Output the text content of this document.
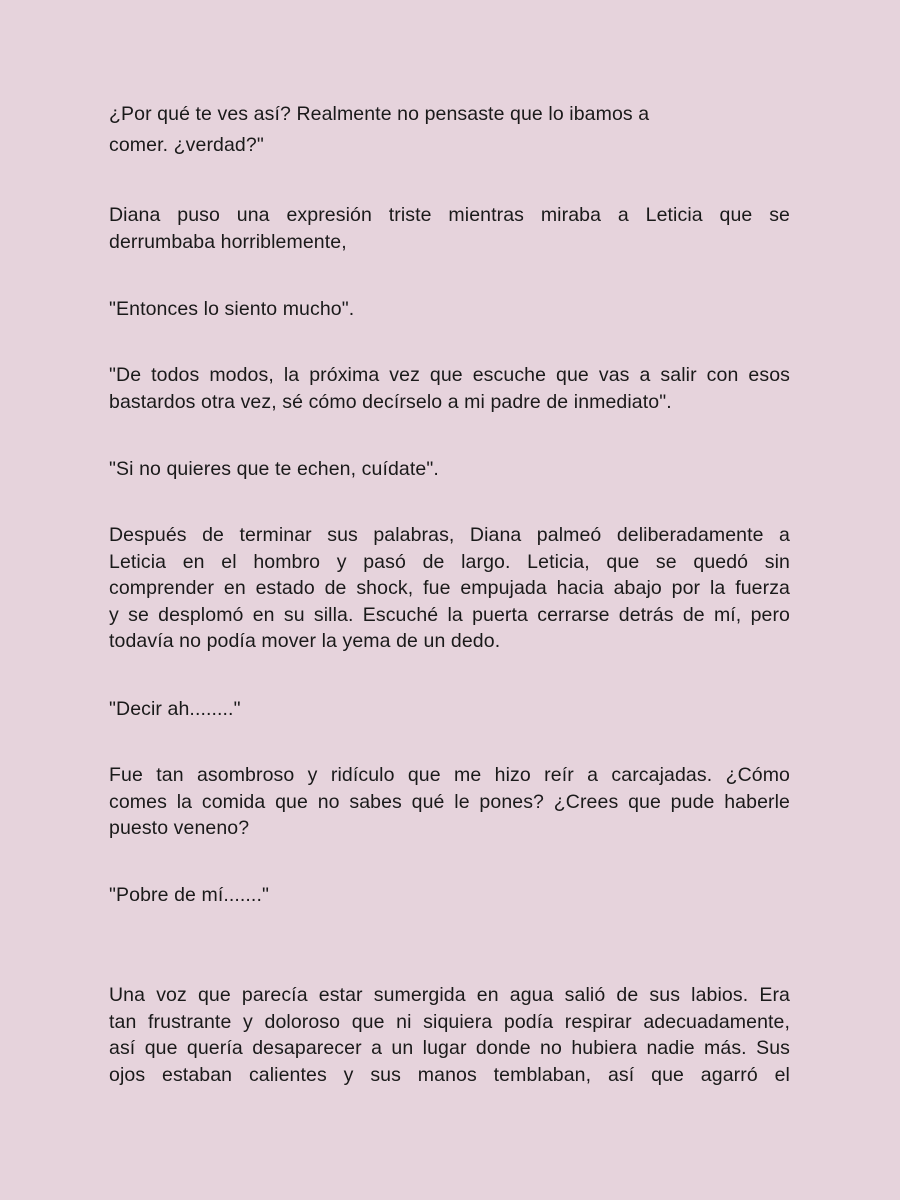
¿Por qué te ves así? Realmente no pensaste que lo ibamos a
comer. ¿verdad?"

Diana puso una expresión triste mientras miraba a Leticia que se
derrumbaba horriblemente,

"Entonces lo siento mucho".

"De todos modos, la próxima vez que escuche que vas a salir con esos
bastardos otra vez, sé cómo decírselo a mi padre de inmediato".

"Si no quieres que te echen, cuídate".

Después de terminar sus palabras, Diana palmeó deliberadamente a
Leticia en el hombro y pasó de largo. Leticia, que se quedó sin
comprender en estado de shock, fue empujada hacia abajo por la fuerza
y se desplomó en su silla. Escuché la puerta cerrarse detrás de mí, pero
todavía no podía mover la yema de un dedo.

"Decir ah........"

Fue tan asombroso y ridículo que me hizo reír a carcajadas. ¿Cómo
comes la comida que no sabes qué le pones? ¿Crees que pude haberle
puesto veneno?

"Pobre de mí......."

Una voz que parecía estar sumergida en agua salió de sus labios. Era
tan frustrante y doloroso que ni siquiera podía respirar adecuadamente,
así que quería desaparecer a un lugar donde no hubiera nadie más. Sus
ojos estaban calientes y sus manos temblaban, así que agarró el
